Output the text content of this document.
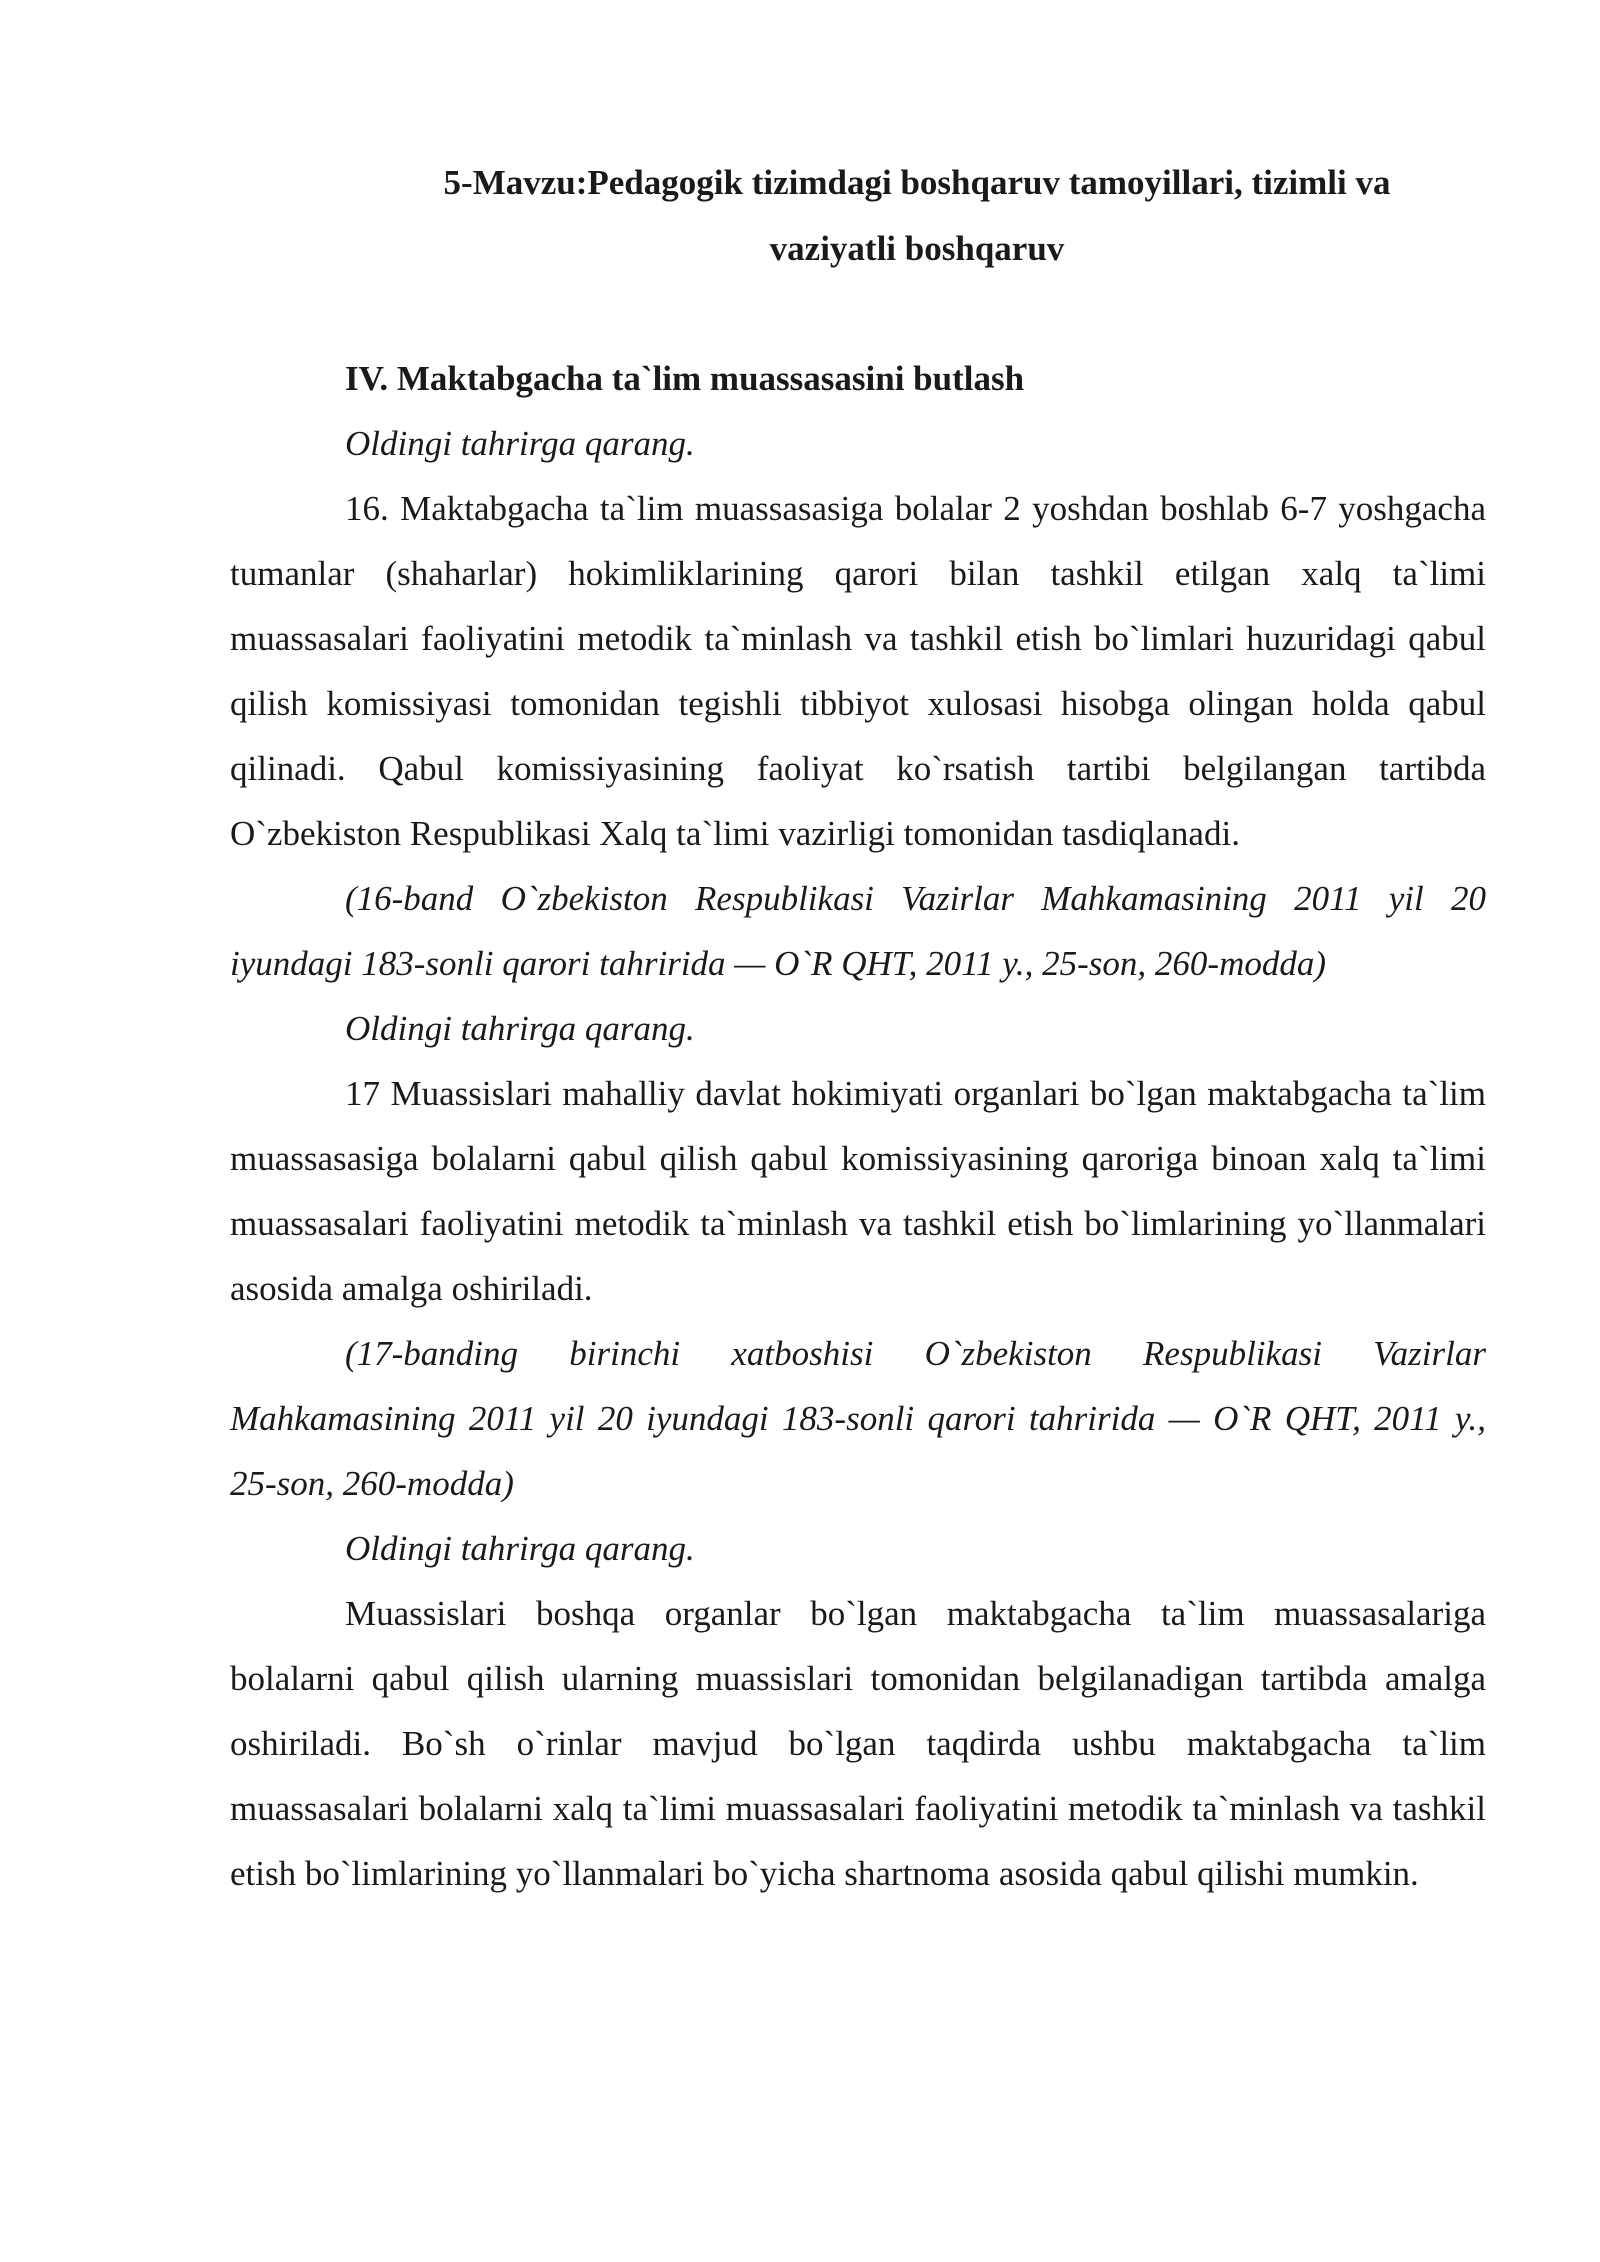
5-Mavzu:Pedagogik tizimdagi boshqaruv tamoyillari, tizimli va
vaziyatli boshqaruv

IV. Maktabgacha ta`lim muassasasini butlash

Oldingi tahrirga qarang.

16. Maktabgacha ta`lim muassasasiga bolalar 2 yoshdan boshlab 6-7 yoshgacha tumanlar (shaharlar) hokimliklarining qarori bilan tashkil etilgan xalq ta`limi muassasalari faoliyatini metodik ta`minlash va tashkil etish bo`limlari huzuridagi qabul qilish komissiyasi tomonidan tegishli tibbiyot xulosasi hisobga olingan holda qabul qilinadi. Qabul komissiyasining faoliyat ko`rsatish tartibi belgilangan tartibda O`zbekiston Respublikasi Xalq ta`limi vazirligi tomonidan tasdiqlanadi.

(16-band O`zbekiston Respublikasi Vazirlar Mahkamasining 2011 yil 20 iyundagi 183-sonli qarori tahririda — O`R QHT, 2011 y., 25-son, 260-modda)

Oldingi tahrirga qarang.

17 Muassislari mahalliy davlat hokimiyati organlari bo`lgan maktabgacha ta`lim muassasasiga bolalarni qabul qilish qabul komissiyasining qaroriga binoan xalq ta`limi muassasalari faoliyatini metodik ta`minlash va tashkil etish bo`limlarining yo`llanmalari asosida amalga oshiriladi.

(17-banding birinchi xatboshisi O`zbekiston Respublikasi Vazirlar Mahkamasining 2011 yil 20 iyundagi 183-sonli qarori tahririda — O`R QHT, 2011 y., 25-son, 260-modda)

Oldingi tahrirga qarang.

Muassislari boshqa organlar bo`lgan maktabgacha ta`lim muassasalariga bolalarni qabul qilish ularning muassislari tomonidan belgilanadigan tartibda amalga oshiriladi. Bo`sh o`rinlar mavjud bo`lgan taqdirda ushbu maktabgacha ta`lim muassasalari bolalarni xalq ta`limi muassasalari faoliyatini metodik ta`minlash va tashkil etish bo`limlarining yo`llanmalari bo`yicha shartnoma asosida qabul qilishi mumkin.
